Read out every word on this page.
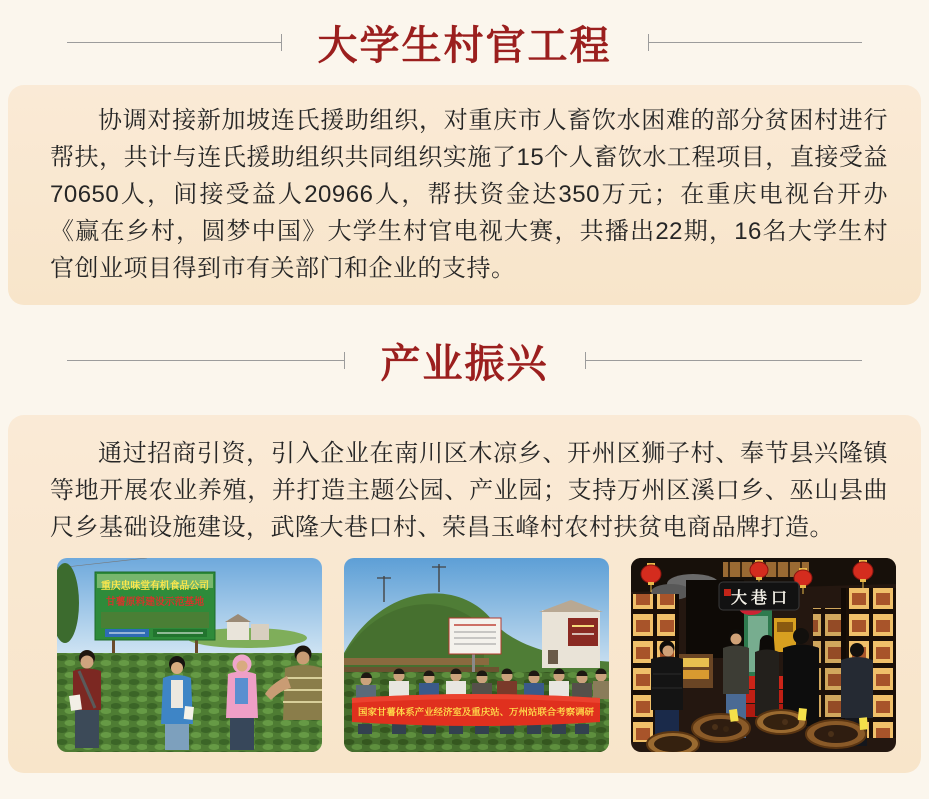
大学生村官工程

协调对接新加坡连氏援助组织，对重庆市人畜饮水困难的部分贫困村进行帮扶，共计与连氏援助组织共同组织实施了15个人畜饮水工程项目，直接受益70650人，间接受益人20966人，帮扶资金达350万元；在重庆电视台开办《赢在乡村，圆梦中国》大学生村官电视大赛，共播出22期，16名大学生村官创业项目得到市有关部门和企业的支持。

产业振兴

通过招商引资，引入企业在南川区木凉乡、开州区狮子村、奉节县兴隆镇等地开展农业养殖，并打造主题公园、产业园；支持万州区溪口乡、巫山县曲尺乡基础设施建设，武隆大巷口村、荣昌玉峰村农村扶贫电商品牌打造。

重庆忠味堂有机食品公司
甘薯原料建设示范基地
国家甘薯体系产业经济室及重庆站、万州站联合考察调研
大巷口
